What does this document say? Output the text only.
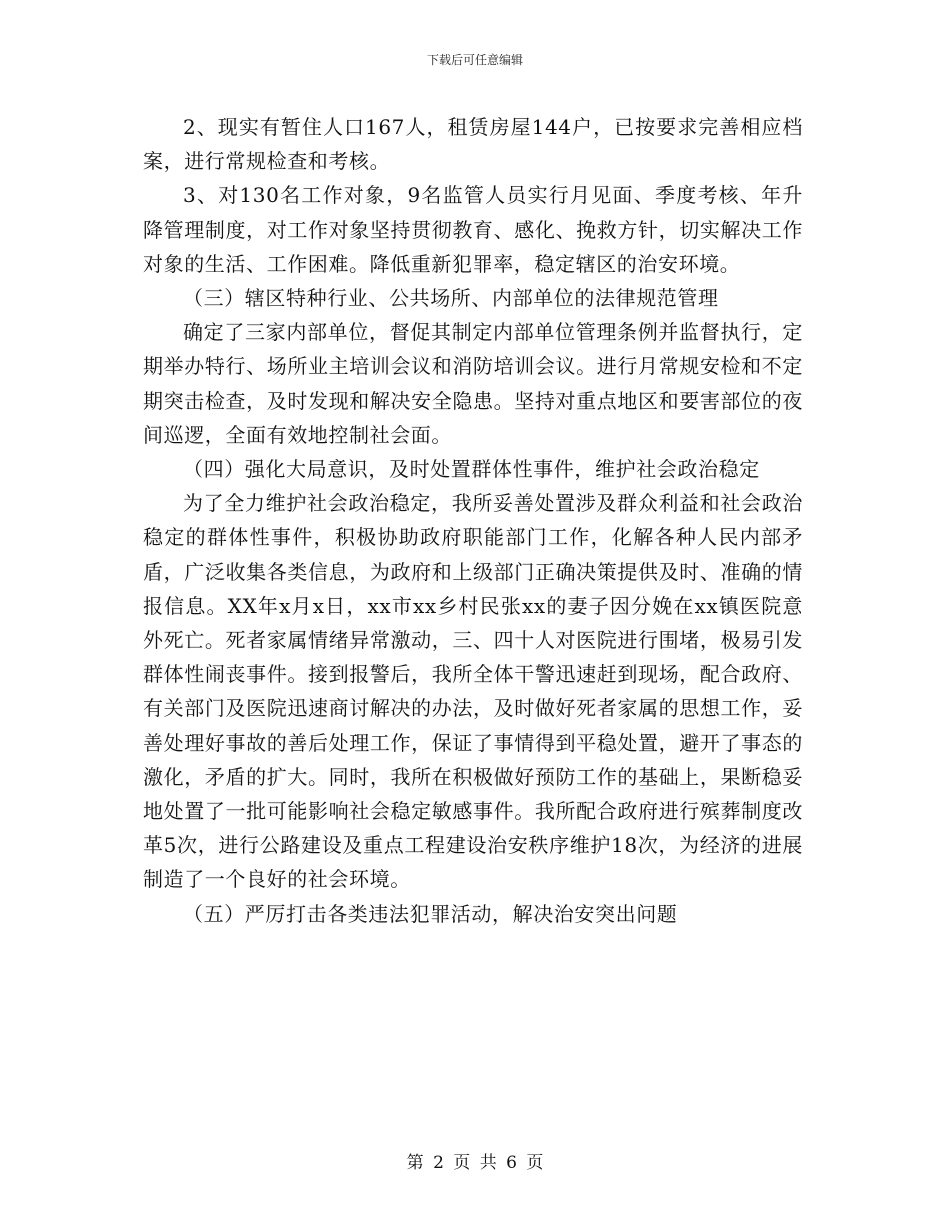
下载后可任意编辑

2、现实有暂住人口167人，租赁房屋144户，已按要求完善相应档案，进行常规检查和考核。

3、对130名工作对象，9名监管人员实行月见面、季度考核、年升降管理制度，对工作对象坚持贯彻教育、感化、挽救方针，切实解决工作对象的生活、工作困难。降低重新犯罪率，稳定辖区的治安环境。

（三）辖区特种行业、公共场所、内部单位的法律规范管理

确定了三家内部单位，督促其制定内部单位管理条例并监督执行，定期举办特行、场所业主培训会议和消防培训会议。进行月常规安检和不定期突击检查，及时发现和解决安全隐患。坚持对重点地区和要害部位的夜间巡逻，全面有效地控制社会面。

（四）强化大局意识，及时处置群体性事件，维护社会政治稳定

为了全力维护社会政治稳定，我所妥善处置涉及群众利益和社会政治稳定的群体性事件，积极协助政府职能部门工作，化解各种人民内部矛盾，广泛收集各类信息，为政府和上级部门正确决策提供及时、准确的情报信息。XX年x月x日，xx市xx乡村民张xx的妻子因分娩在xx镇医院意外死亡。死者家属情绪异常激动，三、四十人对医院进行围堵，极易引发群体性闹丧事件。接到报警后，我所全体干警迅速赶到现场，配合政府、有关部门及医院迅速商讨解决的办法，及时做好死者家属的思想工作，妥善处理好事故的善后处理工作，保证了事情得到平稳处置，避开了事态的激化，矛盾的扩大。同时，我所在积极做好预防工作的基础上，果断稳妥地处置了一批可能影响社会稳定敏感事件。我所配合政府进行殡葬制度改革5次，进行公路建设及重点工程建设治安秩序维护18次，为经济的进展制造了一个良好的社会环境。

（五）严厉打击各类违法犯罪活动，解决治安突出问题

第 2 页 共 6 页
